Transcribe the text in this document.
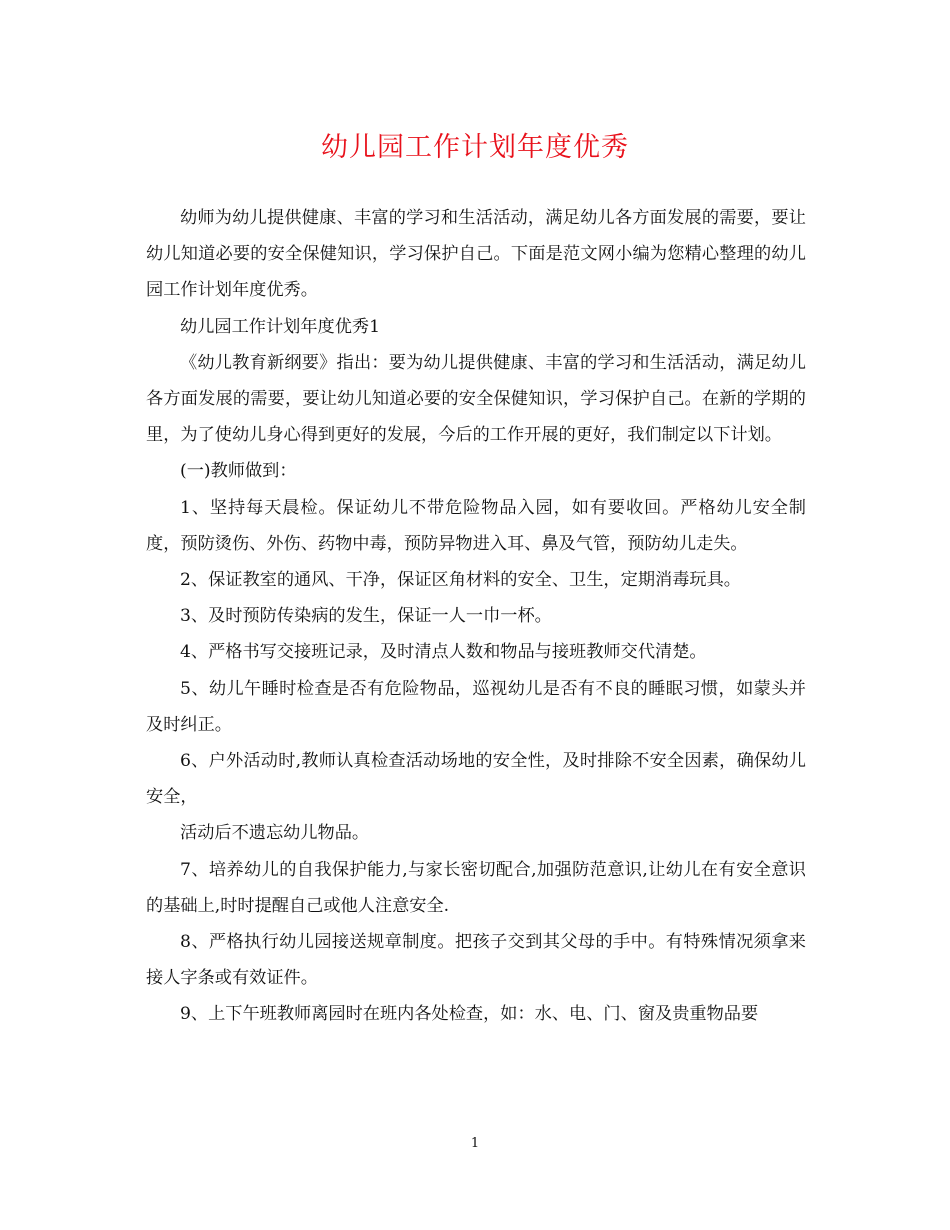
幼儿园工作计划年度优秀

幼师为幼儿提供健康、丰富的学习和生活活动，满足幼儿各方面发展的需要，要让幼儿知道必要的安全保健知识，学习保护自己。下面是范文网小编为您精心整理的幼儿园工作计划年度优秀。

幼儿园工作计划年度优秀1

《幼儿教育新纲要》指出：要为幼儿提供健康、丰富的学习和生活活动，满足幼儿各方面发展的需要，要让幼儿知道必要的安全保健知识，学习保护自己。在新的学期的里，为了使幼儿身心得到更好的发展，今后的工作开展的更好，我们制定以下计划。

(一)教师做到：

1、坚持每天晨检。保证幼儿不带危险物品入园，如有要收回。严格幼儿安全制度，预防烫伤、外伤、药物中毒，预防异物进入耳、鼻及气管，预防幼儿走失。

2、保证教室的通风、干净，保证区角材料的安全、卫生，定期消毒玩具。

3、及时预防传染病的发生，保证一人一巾一杯。

4、严格书写交接班记录，及时清点人数和物品与接班教师交代清楚。

5、幼儿午睡时检查是否有危险物品，巡视幼儿是否有不良的睡眠习惯，如蒙头并及时纠正。

6、户外活动时,教师认真检查活动场地的安全性，及时排除不安全因素，确保幼儿安全，

活动后不遗忘幼儿物品。

7、培养幼儿的自我保护能力,与家长密切配合,加强防范意识,让幼儿在有安全意识的基础上,时时提醒自己或他人注意安全.

8、严格执行幼儿园接送规章制度。把孩子交到其父母的手中。有特殊情况须拿来接人字条或有效证件。

9、上下午班教师离园时在班内各处检查，如：水、电、门、窗及贵重物品要

1
